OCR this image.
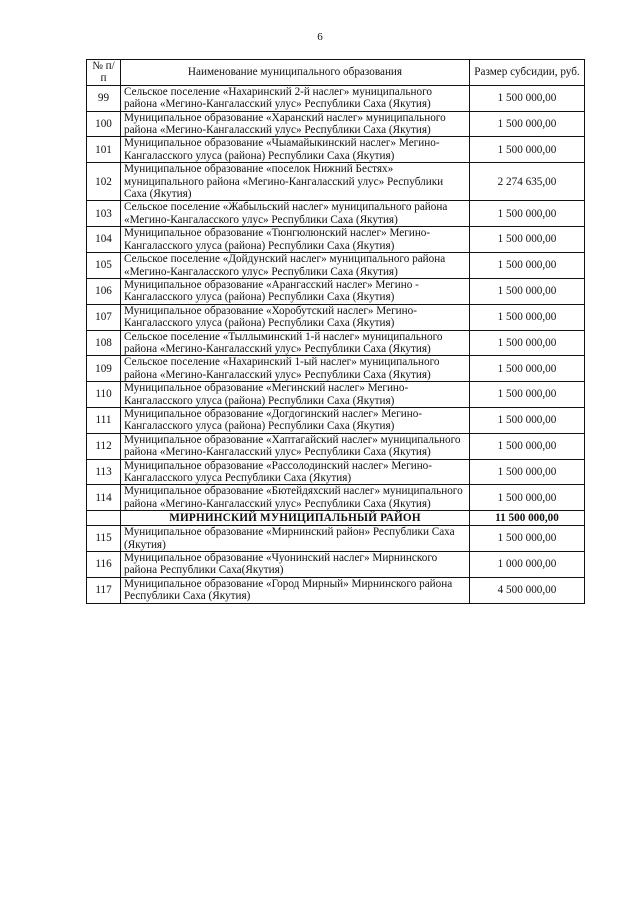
6
№ п/п	Наименование муниципального образования	Размер субсидии, руб.
99	Сельское поселение «Нахаринский 2-й наслег» муниципального района «Мегино-Кангаласский улус» Республики Саха (Якутия)	1 500 000,00
100	Муниципальное образование «Харанский наслег» муниципального района «Мегино-Кангаласский улус» Республики Саха (Якутия)	1 500 000,00
101	Муниципальное образование «Чыамайыкинский наслег» Мегино-Кангаласского улуса (района) Республики Саха (Якутия)	1 500 000,00
102	Муниципальное образование «поселок Нижний Бестях» муниципального района «Мегино-Кангаласский улус» Республики Саха (Якутия)	2 274 635,00
103	Сельское поселение «Жабыльский наслег» муниципального района «Мегино-Кангаласского улус» Республики Саха (Якутия)	1 500 000,00
104	Муниципальное образование «Тюнгюлюнский наслег» Мегино-Кангаласского улуса (района) Республики Саха (Якутия)	1 500 000,00
105	Сельское поселение «Дойдунский наслег» муниципального района «Мегино-Кангаласского улус» Республики Саха (Якутия)	1 500 000,00
106	Муниципальное образование «Арангасский наслег» Мегино - Кангаласского улуса (района) Республики Саха (Якутия)	1 500 000,00
107	Муниципальное образование «Хоробутский наслег» Мегино-Кангаласского улуса (района) Республики Саха (Якутия)	1 500 000,00
108	Сельское поселение «Тыллыминский 1-й наслег» муниципального района «Мегино-Кангаласский улус» Республики Саха (Якутия)	1 500 000,00
109	Сельское поселение «Нахаринский 1-ый наслег» муниципального района «Мегино-Кангаласский улус» Республики Саха (Якутия)	1 500 000,00
110	Муниципальное образование «Мегинский наслег» Мегино-Кангаласского улуса (района) Республики Саха (Якутия)	1 500 000,00
111	Муниципальное образование «Догдогинский наслег» Мегино-Кангаласского улуса (района) Республики Саха (Якутия)	1 500 000,00
112	Муниципальное образование «Хаптагайский наслег» муниципального района «Мегино-Кангаласский улус» Республики Саха (Якутия)	1 500 000,00
113	Муниципальное образование «Рассолодинский наслег» Мегино-Кангаласского улуса Республики Саха (Якутия)	1 500 000,00
114	Муниципальное образование «Бютейдяхский наслег» муниципального района «Мегино-Кангаласский улус» Республики Саха (Якутия)	1 500 000,00
	МИРНИНСКИЙ МУНИЦИПАЛЬНЫЙ РАЙОН	11 500 000,00
115	Муниципальное образование «Мирнинский район» Республики Саха (Якутия)	1 500 000,00
116	Муниципальное образование «Чуонинский наслег» Мирнинского района Республики Саха(Якутия)	1 000 000,00
117	Муниципальное образование «Город Мирный» Мирнинского района Республики Саха (Якутия)	4 500 000,00
